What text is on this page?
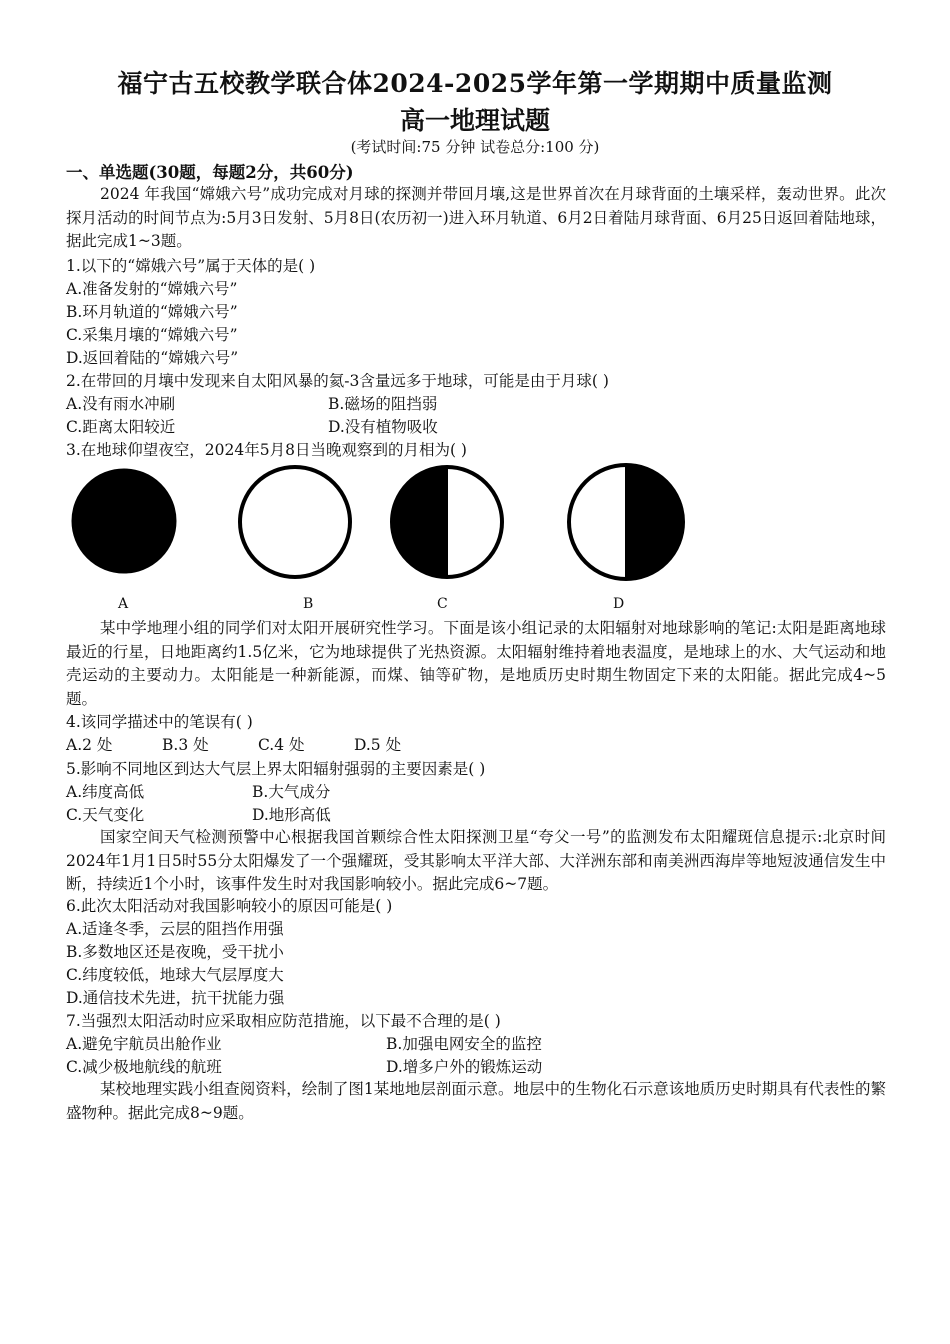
福宁古五校教学联合体2024-2025学年第一学期期中质量监测
高一地理试题
(考试时间:75 分钟 试卷总分:100 分)
一、单选题(30题，每题2分，共60分)
2024 年我国“嫦娥六号”成功完成对月球的探测并带回月壤,这是世界首次在月球背面的土壤采样，轰动世界。此次探月活动的时间节点为:5月3日发射、5月8日(农历初一)进入环月轨道、6月2日着陆月球背面、6月25日返回着陆地球，据此完成1~3题。
1.以下的“嫦娥六号”属于天体的是( )
A.准备发射的“嫦娥六号”
B.环月轨道的“嫦娥六号”
C.采集月壤的“嫦娥六号”
D.返回着陆的“嫦娥六号”
2.在带回的月壤中发现来自太阳风暴的氦-3含量远多于地球，可能是由于月球( )
A.没有雨水冲刷	B.磁场的阻挡弱
C.距离太阳较近	D.没有植物吸收
3.在地球仰望夜空，2024年5月8日当晚观察到的月相为( )
A	B	C	D
某中学地理小组的同学们对太阳开展研究性学习。下面是该小组记录的太阳辐射对地球影响的笔记:太阳是距离地球最近的行星，日地距离约1.5亿米，它为地球提供了光热资源。太阳辐射维持着地表温度，是地球上的水、大气运动和地壳运动的主要动力。太阳能是一种新能源，而煤、铀等矿物，是地质历史时期生物固定下来的太阳能。据此完成4~5题。
4.该同学描述中的笔误有( )
A.2 处	B.3 处	C.4 处	D.5 处
5.影响不同地区到达大气层上界太阳辐射强弱的主要因素是( )
A.纬度高低	B.大气成分
C.天气变化	D.地形高低
国家空间天气检测预警中心根据我国首颗综合性太阳探测卫星“夸父一号”的监测发布太阳耀斑信息提示:北京时间2024年1月1日5时55分太阳爆发了一个强耀斑，受其影响太平洋大部、大洋洲东部和南美洲西海岸等地短波通信发生中断，持续近1个小时，该事件发生时对我国影响较小。据此完成6~7题。
6.此次太阳活动对我国影响较小的原因可能是( )
A.适逢冬季，云层的阻挡作用强
B.多数地区还是夜晚，受干扰小
C.纬度较低，地球大气层厚度大
D.通信技术先进，抗干扰能力强
7.当强烈太阳活动时应采取相应防范措施，以下最不合理的是( )
A.避免宇航员出舱作业	B.加强电网安全的监控
C.减少极地航线的航班	D.增多户外的锻炼运动
某校地理实践小组查阅资料，绘制了图1某地地层剖面示意。地层中的生物化石示意该地质历史时期具有代表性的繁盛物种。据此完成8~9题。
